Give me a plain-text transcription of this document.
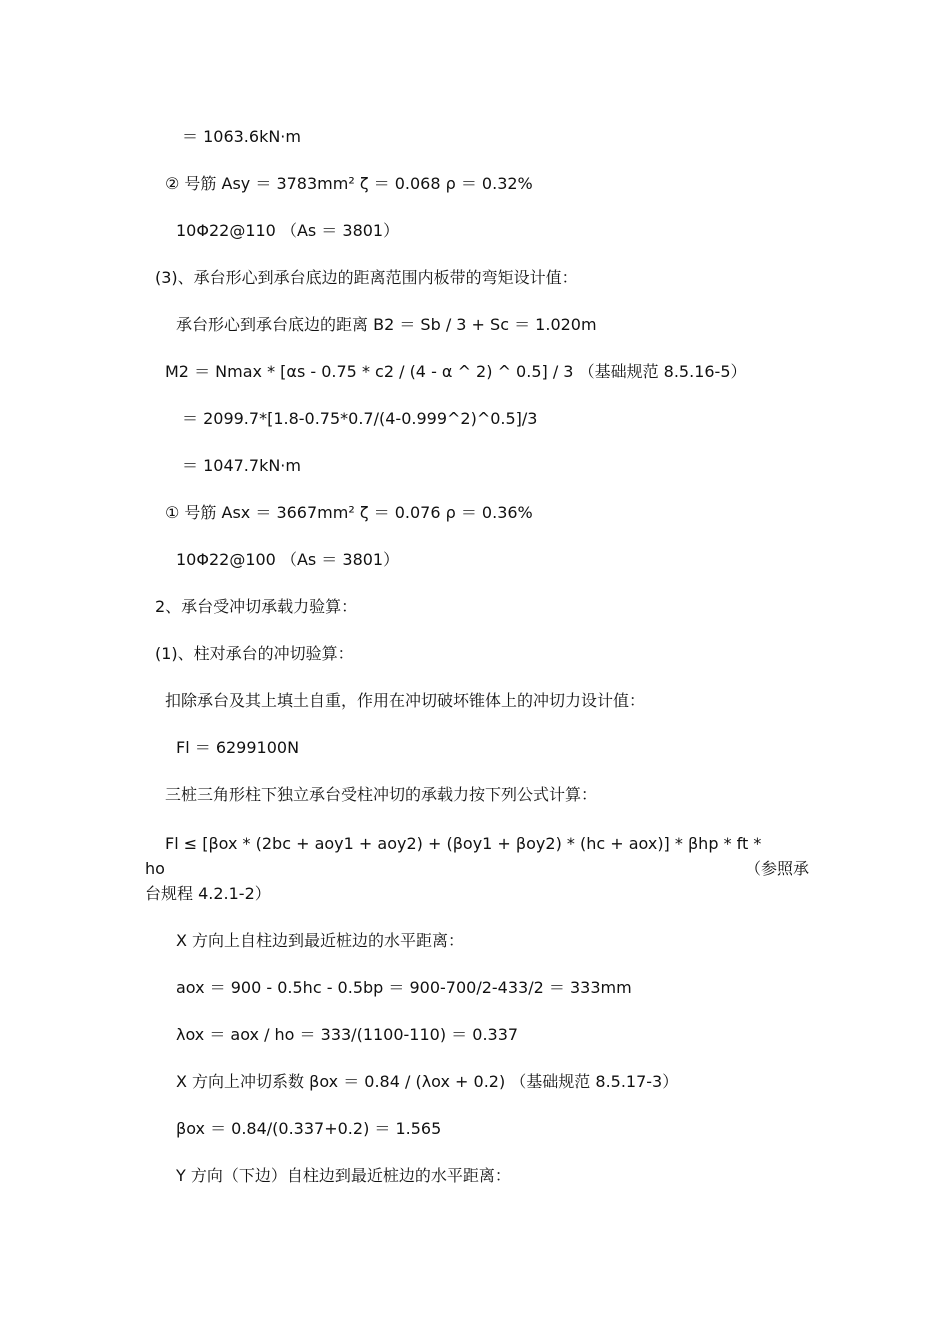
＝ 1063.6kN·m
② 号筋 Asy ＝ 3783mm² ζ ＝ 0.068 ρ ＝ 0.32%
10Φ22@110 （As ＝ 3801）
(3)、承台形心到承台底边的距离范围内板带的弯矩设计值：
承台形心到承台底边的距离 B2 ＝ Sb / 3 + Sc ＝ 1.020m
M2 ＝ Nmax * [αs - 0.75 * c2 / (4 - α ^ 2) ^ 0.5] / 3 （基础规范 8.5.16-5）
＝ 2099.7*[1.8-0.75*0.7/(4-0.999^2)^0.5]/3
＝ 1047.7kN·m
① 号筋 Asx ＝ 3667mm² ζ ＝ 0.076 ρ ＝ 0.36%
10Φ22@100 （As ＝ 3801）
2、承台受冲切承载力验算：
(1)、柱对承台的冲切验算：
扣除承台及其上填土自重，作用在冲切破坏锥体上的冲切力设计值：
Fl ＝ 6299100N
三桩三角形柱下独立承台受柱冲切的承载力按下列公式计算：
Fl ≤ [βox * (2bc + aoy1 + aoy2) + (βoy1 + βoy2) * (hc + aox)] * βhp * ft *
ho	（参照承
台规程 4.2.1-2）
X 方向上自柱边到最近桩边的水平距离：
aox ＝ 900 - 0.5hc - 0.5bp ＝ 900-700/2-433/2 ＝ 333mm
λox ＝ aox / ho ＝ 333/(1100-110) ＝ 0.337
X 方向上冲切系数 βox ＝ 0.84 / (λox + 0.2) （基础规范 8.5.17-3）
βox ＝ 0.84/(0.337+0.2) ＝ 1.565
Y 方向（下边）自柱边到最近桩边的水平距离：
